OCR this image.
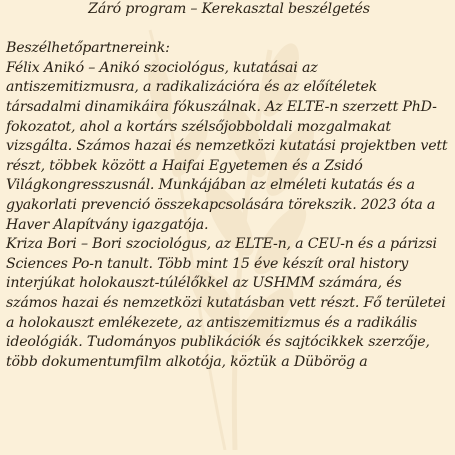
Záró program – Kerekasztal beszélgetés

Beszélhetőpartnereink:

Félix Anikó – Anikó szociológus, kutatásai az antiszemitizmusra, a radikalizációra és az előítéletek társadalmi dinamikáira fókuszálnak. Az ELTE-n szerzett PhD-fokozatot, ahol a kortárs szélsőjobboldali mozgalmakat vizsgálta. Számos hazai és nemzetközi kutatási projektben vett részt, többek között a Haifai Egyetemen és a Zsidó Világkongresszusnál. Munkájában az elméleti kutatás és a gyakorlati prevenció összekapcsolására törekszik. 2023 óta a Haver Alapítvány igazgatója.

Kriza Bori – Bori szociológus, az ELTE-n, a CEU-n és a párizsi Sciences Po-n tanult. Több mint 15 éve készít oral history interjúkat holokauszt-túlélőkkel az USHMM számára, és számos hazai és nemzetközi kutatásban vett részt. Fő területei a holokauszt emlékezete, az antiszemitizmus és a radikális ideológiák. Tudományos publikációk és sajtócikkek szerzője, több dokumentumfilm alkotója, köztük a Dübörög a
